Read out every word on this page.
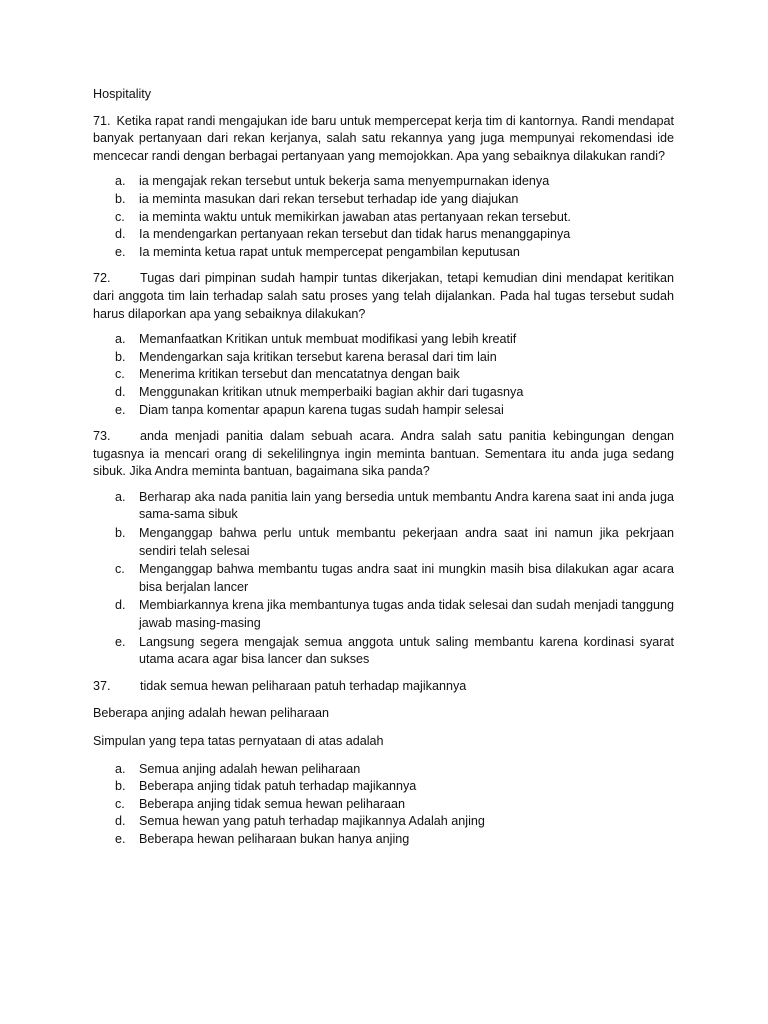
Hospitality
71. Ketika rapat randi mengajukan ide baru untuk mempercepat kerja tim di kantornya. Randi mendapat banyak pertanyaan dari rekan kerjanya, salah satu rekannya yang juga mempunyai rekomendasi ide mencecar randi dengan berbagai pertanyaan yang memojokkan. Apa yang sebaiknya dilakukan randi?
a. ia mengajak rekan tersebut untuk bekerja sama menyempurnakan idenya
b. ia meminta masukan dari rekan tersebut terhadap ide yang diajukan
c. ia meminta waktu untuk memikirkan jawaban atas pertanyaan rekan tersebut.
d. Ia mendengarkan pertanyaan rekan tersebut dan tidak harus menanggapinya
e. Ia meminta ketua rapat untuk mempercepat pengambilan keputusan
72. Tugas dari pimpinan sudah hampir tuntas dikerjakan, tetapi kemudian dini mendapat keritikan dari anggota tim lain terhadap salah satu proses yang telah dijalankan. Pada hal tugas tersebut sudah harus dilaporkan apa yang sebaiknya dilakukan?
a. Memanfaatkan Kritikan untuk membuat modifikasi yang lebih kreatif
b. Mendengarkan saja kritikan tersebut karena berasal dari tim lain
c. Menerima kritikan tersebut dan mencatatnya dengan baik
d. Menggunakan kritikan utnuk memperbaiki bagian akhir dari tugasnya
e. Diam tanpa komentar apapun karena tugas sudah hampir selesai
73. anda menjadi panitia dalam sebuah acara. Andra salah satu panitia kebingungan dengan tugasnya ia mencari orang di sekelilingnya ingin meminta bantuan. Sementara itu anda juga sedang sibuk. Jika Andra meminta bantuan, bagaimana sika panda?
a. Berharap aka nada panitia lain yang bersedia untuk membantu Andra karena saat ini anda juga sama-sama sibuk
b. Menganggap bahwa perlu untuk membantu pekerjaan andra saat ini namun jika pekrjaan sendiri telah selesai
c. Menganggap bahwa membantu tugas andra saat ini mungkin masih bisa dilakukan agar acara bisa berjalan lancer
d. Membiarkannya krena jika membantunya tugas anda tidak selesai dan sudah menjadi tanggung jawab masing-masing
e. Langsung segera mengajak semua anggota untuk saling membantu karena kordinasi syarat utama acara agar bisa lancer dan sukses
37. tidak semua hewan peliharaan patuh terhadap majikannya
Beberapa anjing adalah hewan peliharaan
Simpulan yang tepa tatas pernyataan di atas adalah
a. Semua anjing adalah hewan peliharaan
b. Beberapa anjing tidak patuh terhadap majikannya
c. Beberapa anjing tidak semua hewan peliharaan
d. Semua hewan yang patuh terhadap majikannya Adalah anjing
e. Beberapa hewan peliharaan bukan hanya anjing
